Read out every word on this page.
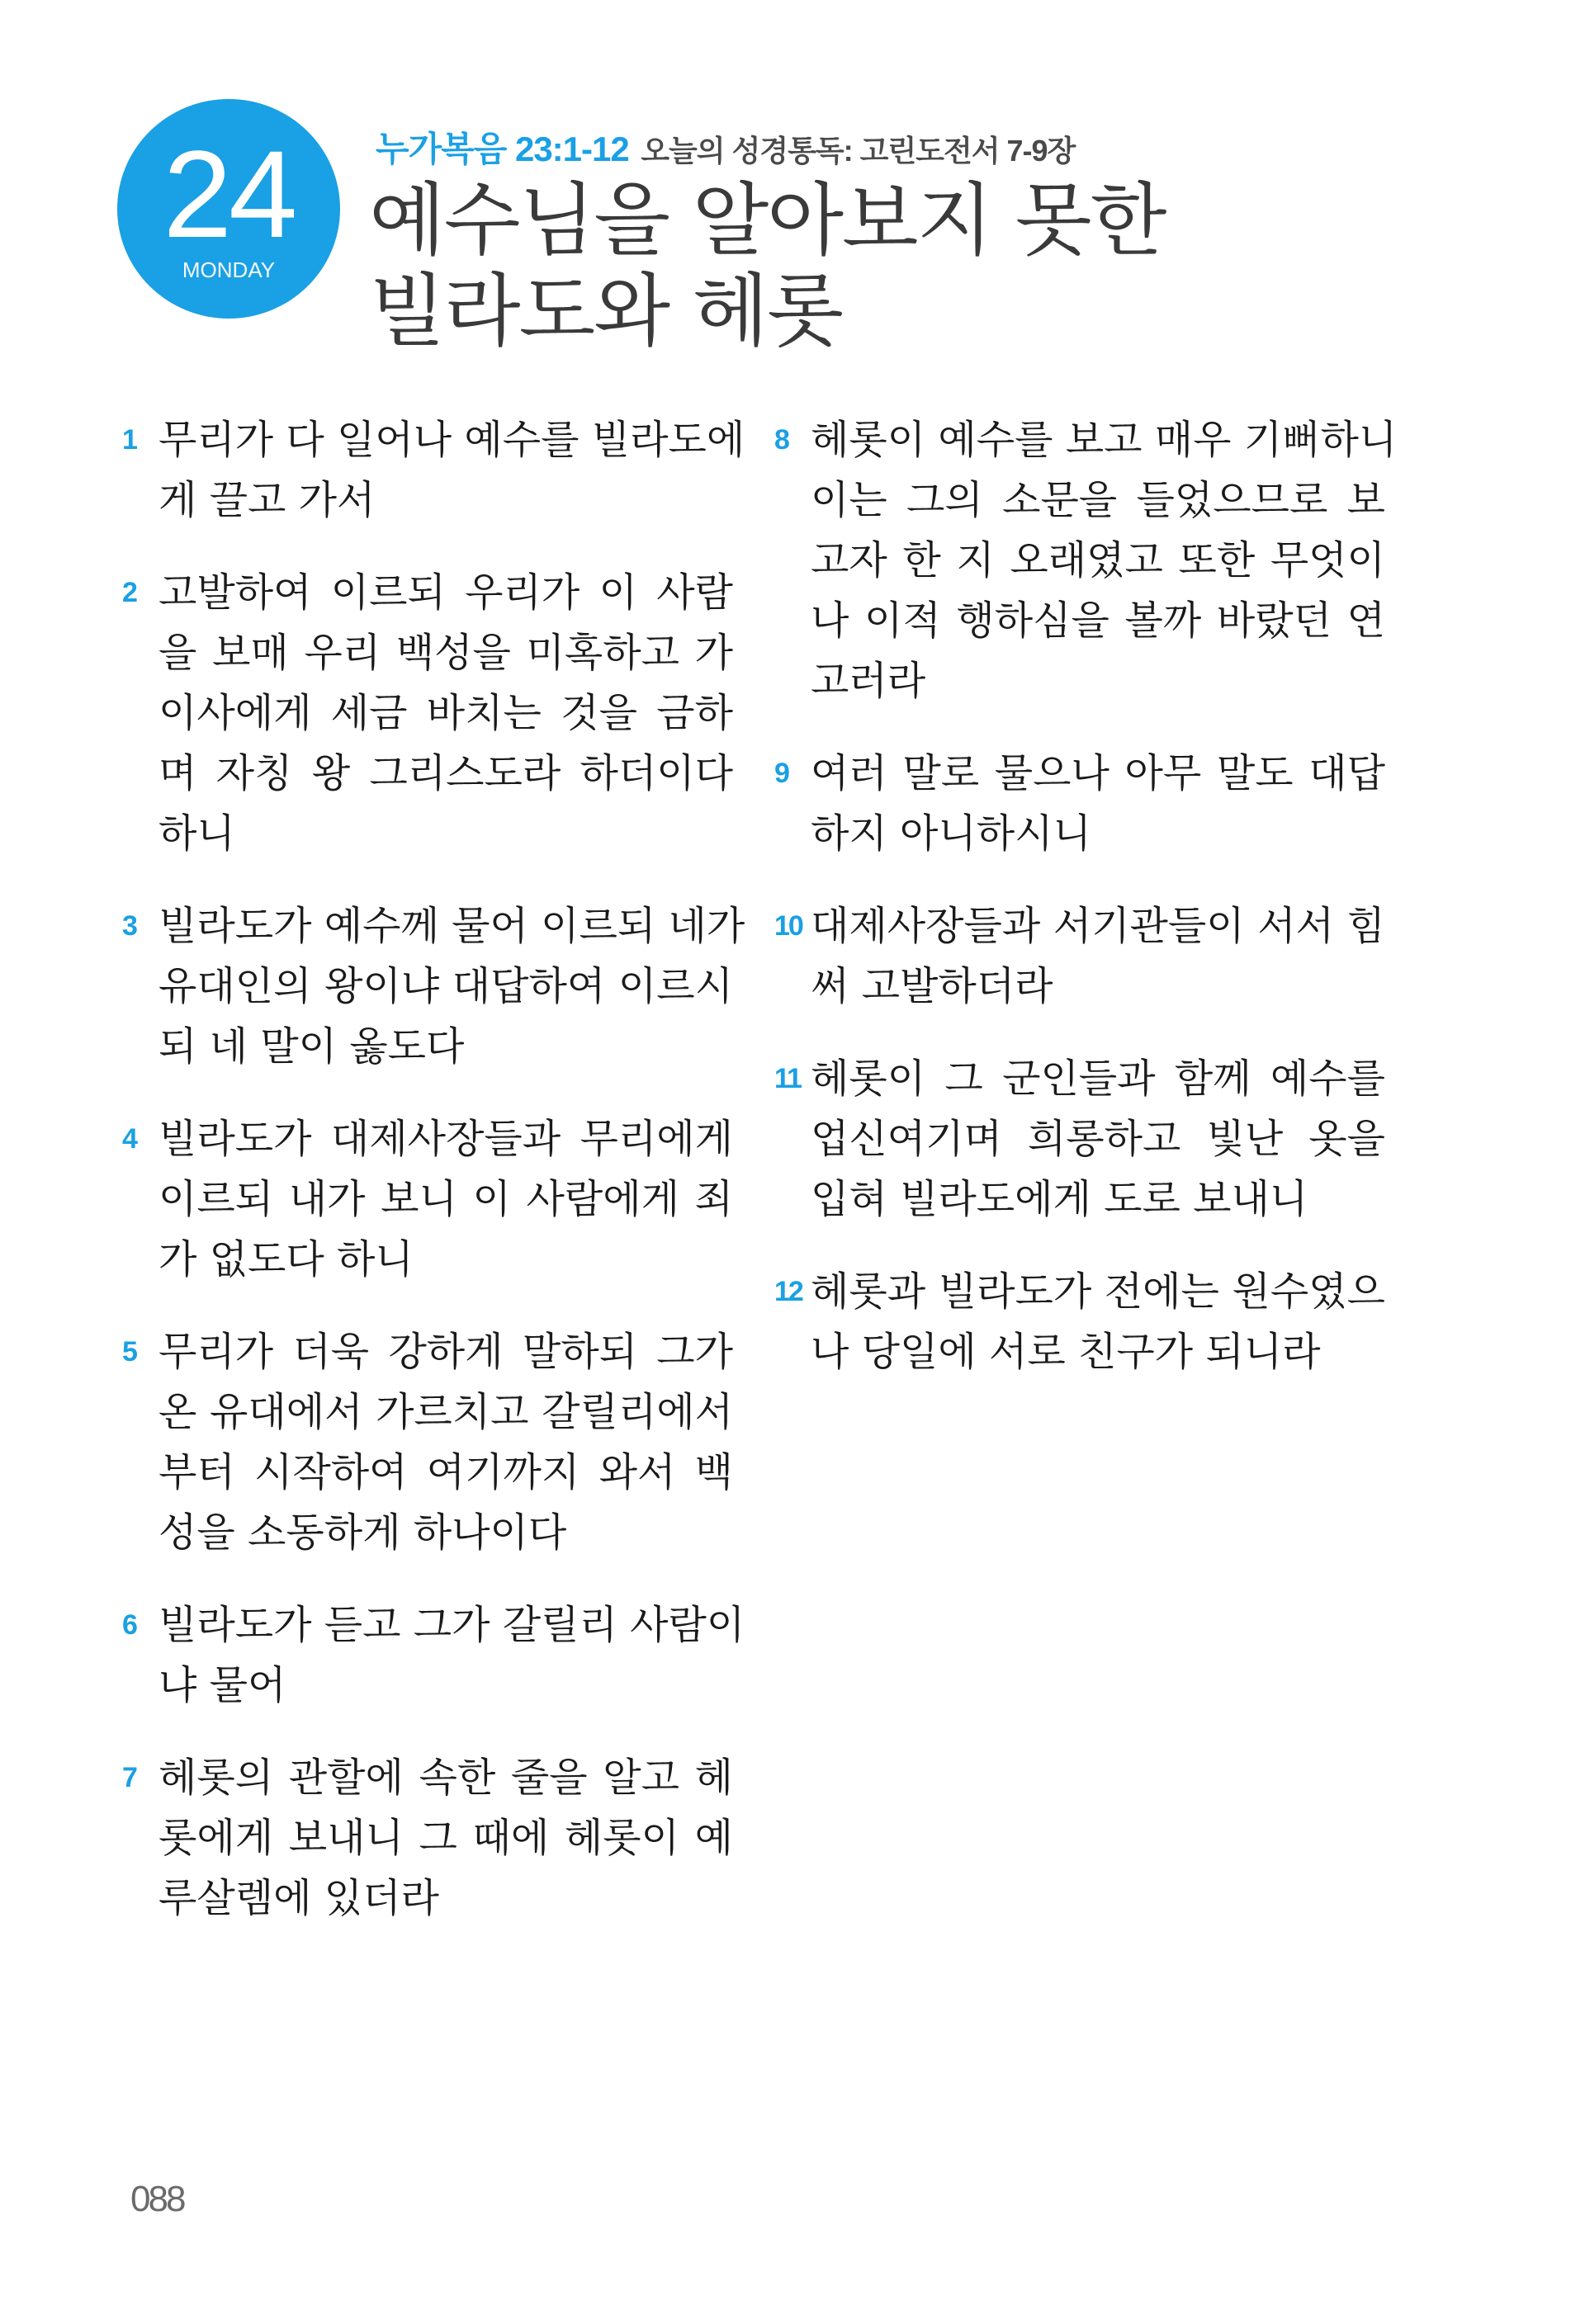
24
MONDAY
누가복음 23:1-12 오늘의 성경통독: 고린도전서 7-9장
예수님을 알아보지 못한
빌라도와 헤롯
1 무리가 다 일어나 예수를 빌라도에
게 끌고 가서
2 고발하여 이르되 우리가 이 사람
을 보매 우리 백성을 미혹하고 가
이사에게 세금 바치는 것을 금하
며 자칭 왕 그리스도라 하더이다
하니
3 빌라도가 예수께 물어 이르되 네가
유대인의 왕이냐 대답하여 이르시
되 네 말이 옳도다
4 빌라도가 대제사장들과 무리에게
이르되 내가 보니 이 사람에게 죄
가 없도다 하니
5 무리가 더욱 강하게 말하되 그가
온 유대에서 가르치고 갈릴리에서
부터 시작하여 여기까지 와서 백
성을 소동하게 하나이다
6 빌라도가 듣고 그가 갈릴리 사람이
냐 물어
7 헤롯의 관할에 속한 줄을 알고 헤
롯에게 보내니 그 때에 헤롯이 예
루살렘에 있더라
8 헤롯이 예수를 보고 매우 기뻐하니
이는 그의 소문을 들었으므로 보
고자 한 지 오래였고 또한 무엇이
나 이적 행하심을 볼까 바랐던 연
고러라
9 여러 말로 물으나 아무 말도 대답
하지 아니하시니
10 대제사장들과 서기관들이 서서 힘
써 고발하더라
11 헤롯이 그 군인들과 함께 예수를
업신여기며 희롱하고 빛난 옷을
입혀 빌라도에게 도로 보내니
12 헤롯과 빌라도가 전에는 원수였으
나 당일에 서로 친구가 되니라
088
